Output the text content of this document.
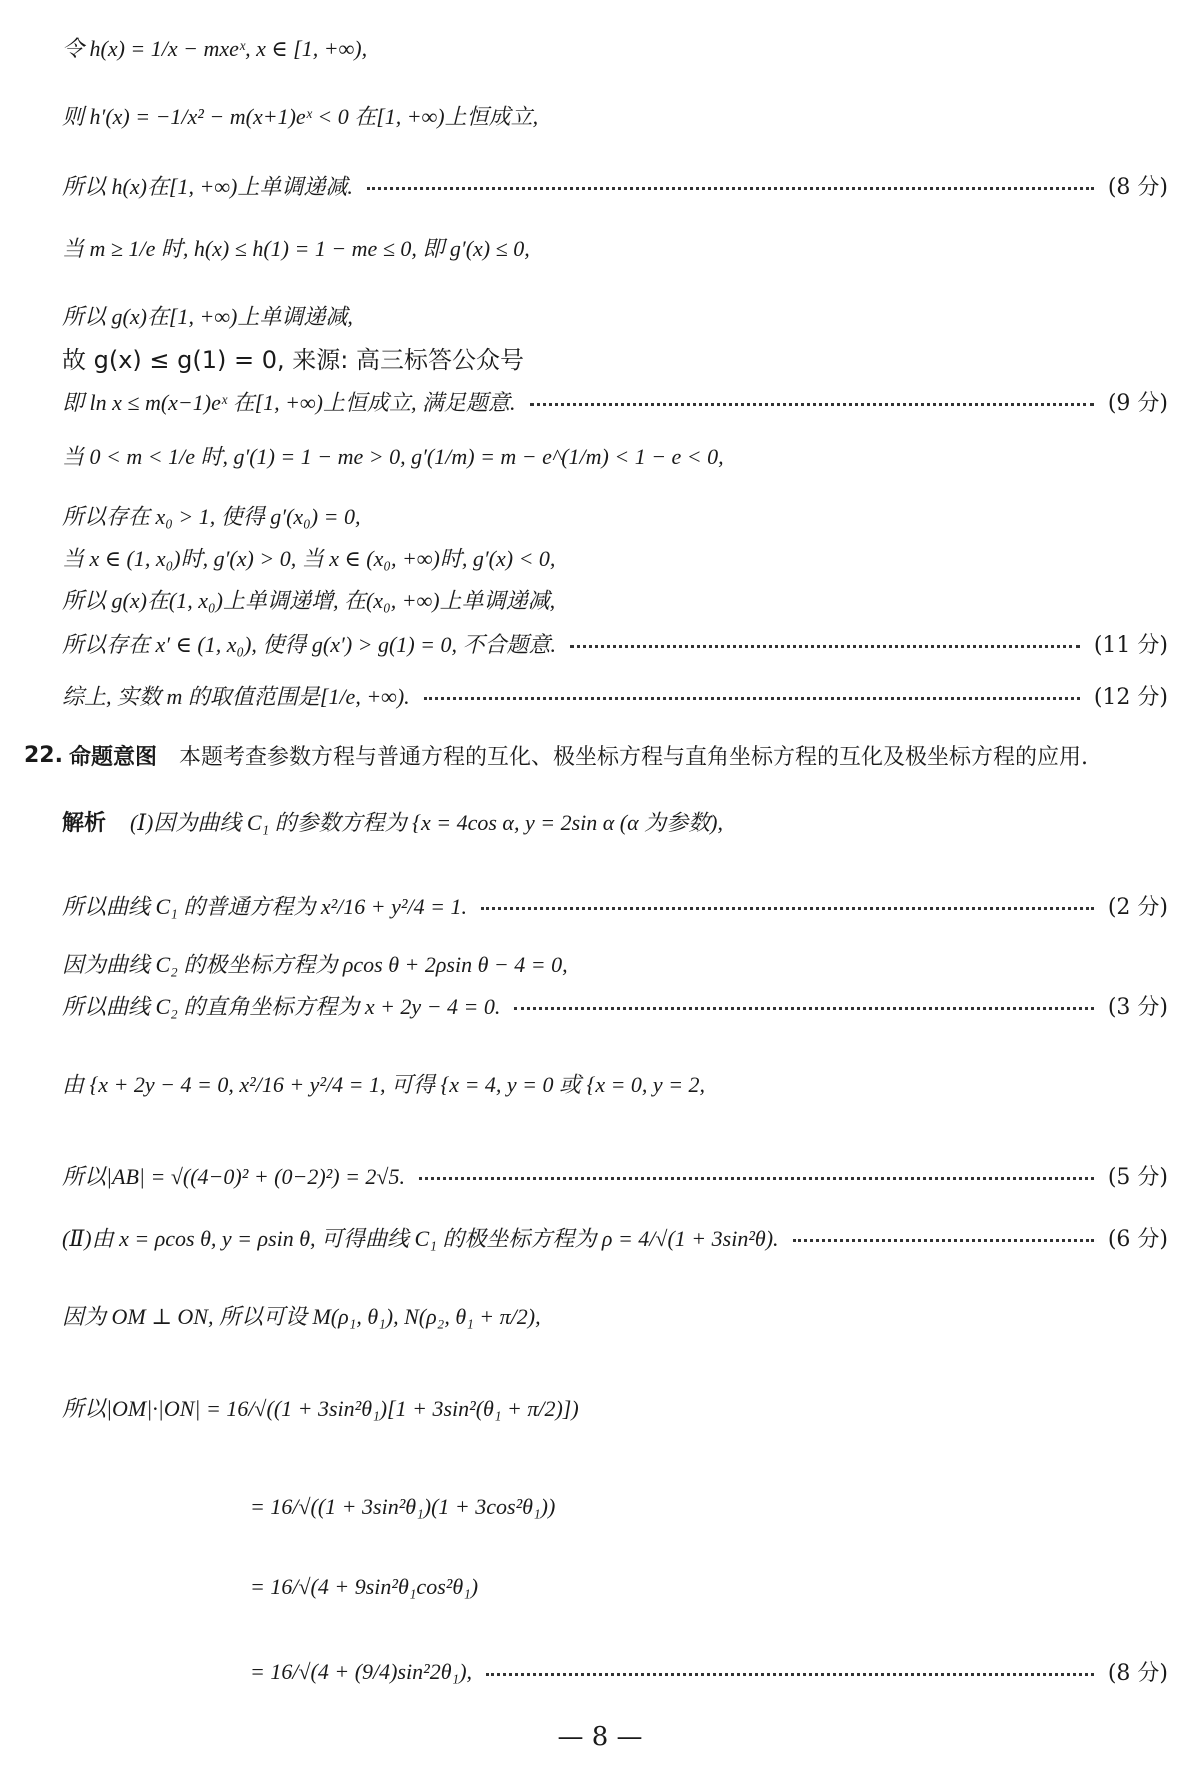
令 h(x) = 1/x − mxeˣ, x ∈ [1, +∞),
则 h′(x) = −1/x² − m(x+1)eˣ < 0 在[1, +∞)上恒成立,
所以 h(x)在[1, +∞)上单调递减.	(8 分)
当 m ≥ 1/e 时, h(x) ≤ h(1) = 1 − me ≤ 0, 即 g′(x) ≤ 0,
所以 g(x)在[1, +∞)上单调递减,
故 g(x) ≤ g(1) = 0, 来源: 高三标答公众号
即 ln x ≤ m(x−1)eˣ 在[1, +∞)上恒成立, 满足题意.	(9 分)
当 0 < m < 1/e 时, g′(1) = 1 − me > 0, g′(1/m) = m − e^(1/m) < 1 − e < 0,
所以存在 x₀ > 1, 使得 g′(x₀) = 0,
当 x ∈ (1, x₀)时, g′(x) > 0, 当 x ∈ (x₀, +∞)时, g′(x) < 0,
所以 g(x)在(1, x₀)上单调递增, 在(x₀, +∞)上单调递减,
所以存在 x′ ∈ (1, x₀), 使得 g(x′) > g(1) = 0, 不合题意.	(11 分)
综上, 实数 m 的取值范围是[1/e, +∞).	(12 分)
22. 命题意图 本题考查参数方程与普通方程的互化、极坐标方程与直角坐标方程的互化及极坐标方程的应用.
解析 (Ⅰ)因为曲线 C₁ 的参数方程为 {x = 4cos α, y = 2sin α (α 为参数),
所以曲线 C₁ 的普通方程为 x²/16 + y²/4 = 1.	(2 分)
因为曲线 C₂ 的极坐标方程为 ρcos θ + 2ρsin θ − 4 = 0,
所以曲线 C₂ 的直角坐标方程为 x + 2y − 4 = 0.	(3 分)
由 {x + 2y − 4 = 0, x²/16 + y²/4 = 1, 可得 {x = 4, y = 0 或 {x = 0, y = 2,
所以|AB| = √((4−0)² + (0−2)²) = 2√5.	(5 分)
(Ⅱ)由 x = ρcos θ, y = ρsin θ, 可得曲线 C₁ 的极坐标方程为 ρ = 4/√(1 + 3sin²θ).	(6 分)
因为 OM ⊥ ON, 所以可设 M(ρ₁, θ₁), N(ρ₂, θ₁ + π/2),
所以|OM|·|ON| = 16/√((1 + 3sin²θ₁)[1 + 3sin²(θ₁ + π/2)])
= 16/√((1 + 3sin²θ₁)(1 + 3cos²θ₁))
= 16/√(4 + 9sin²θ₁cos²θ₁)
= 16/√(4 + (9/4)sin²2θ₁),	(8 分)
— 8 —
